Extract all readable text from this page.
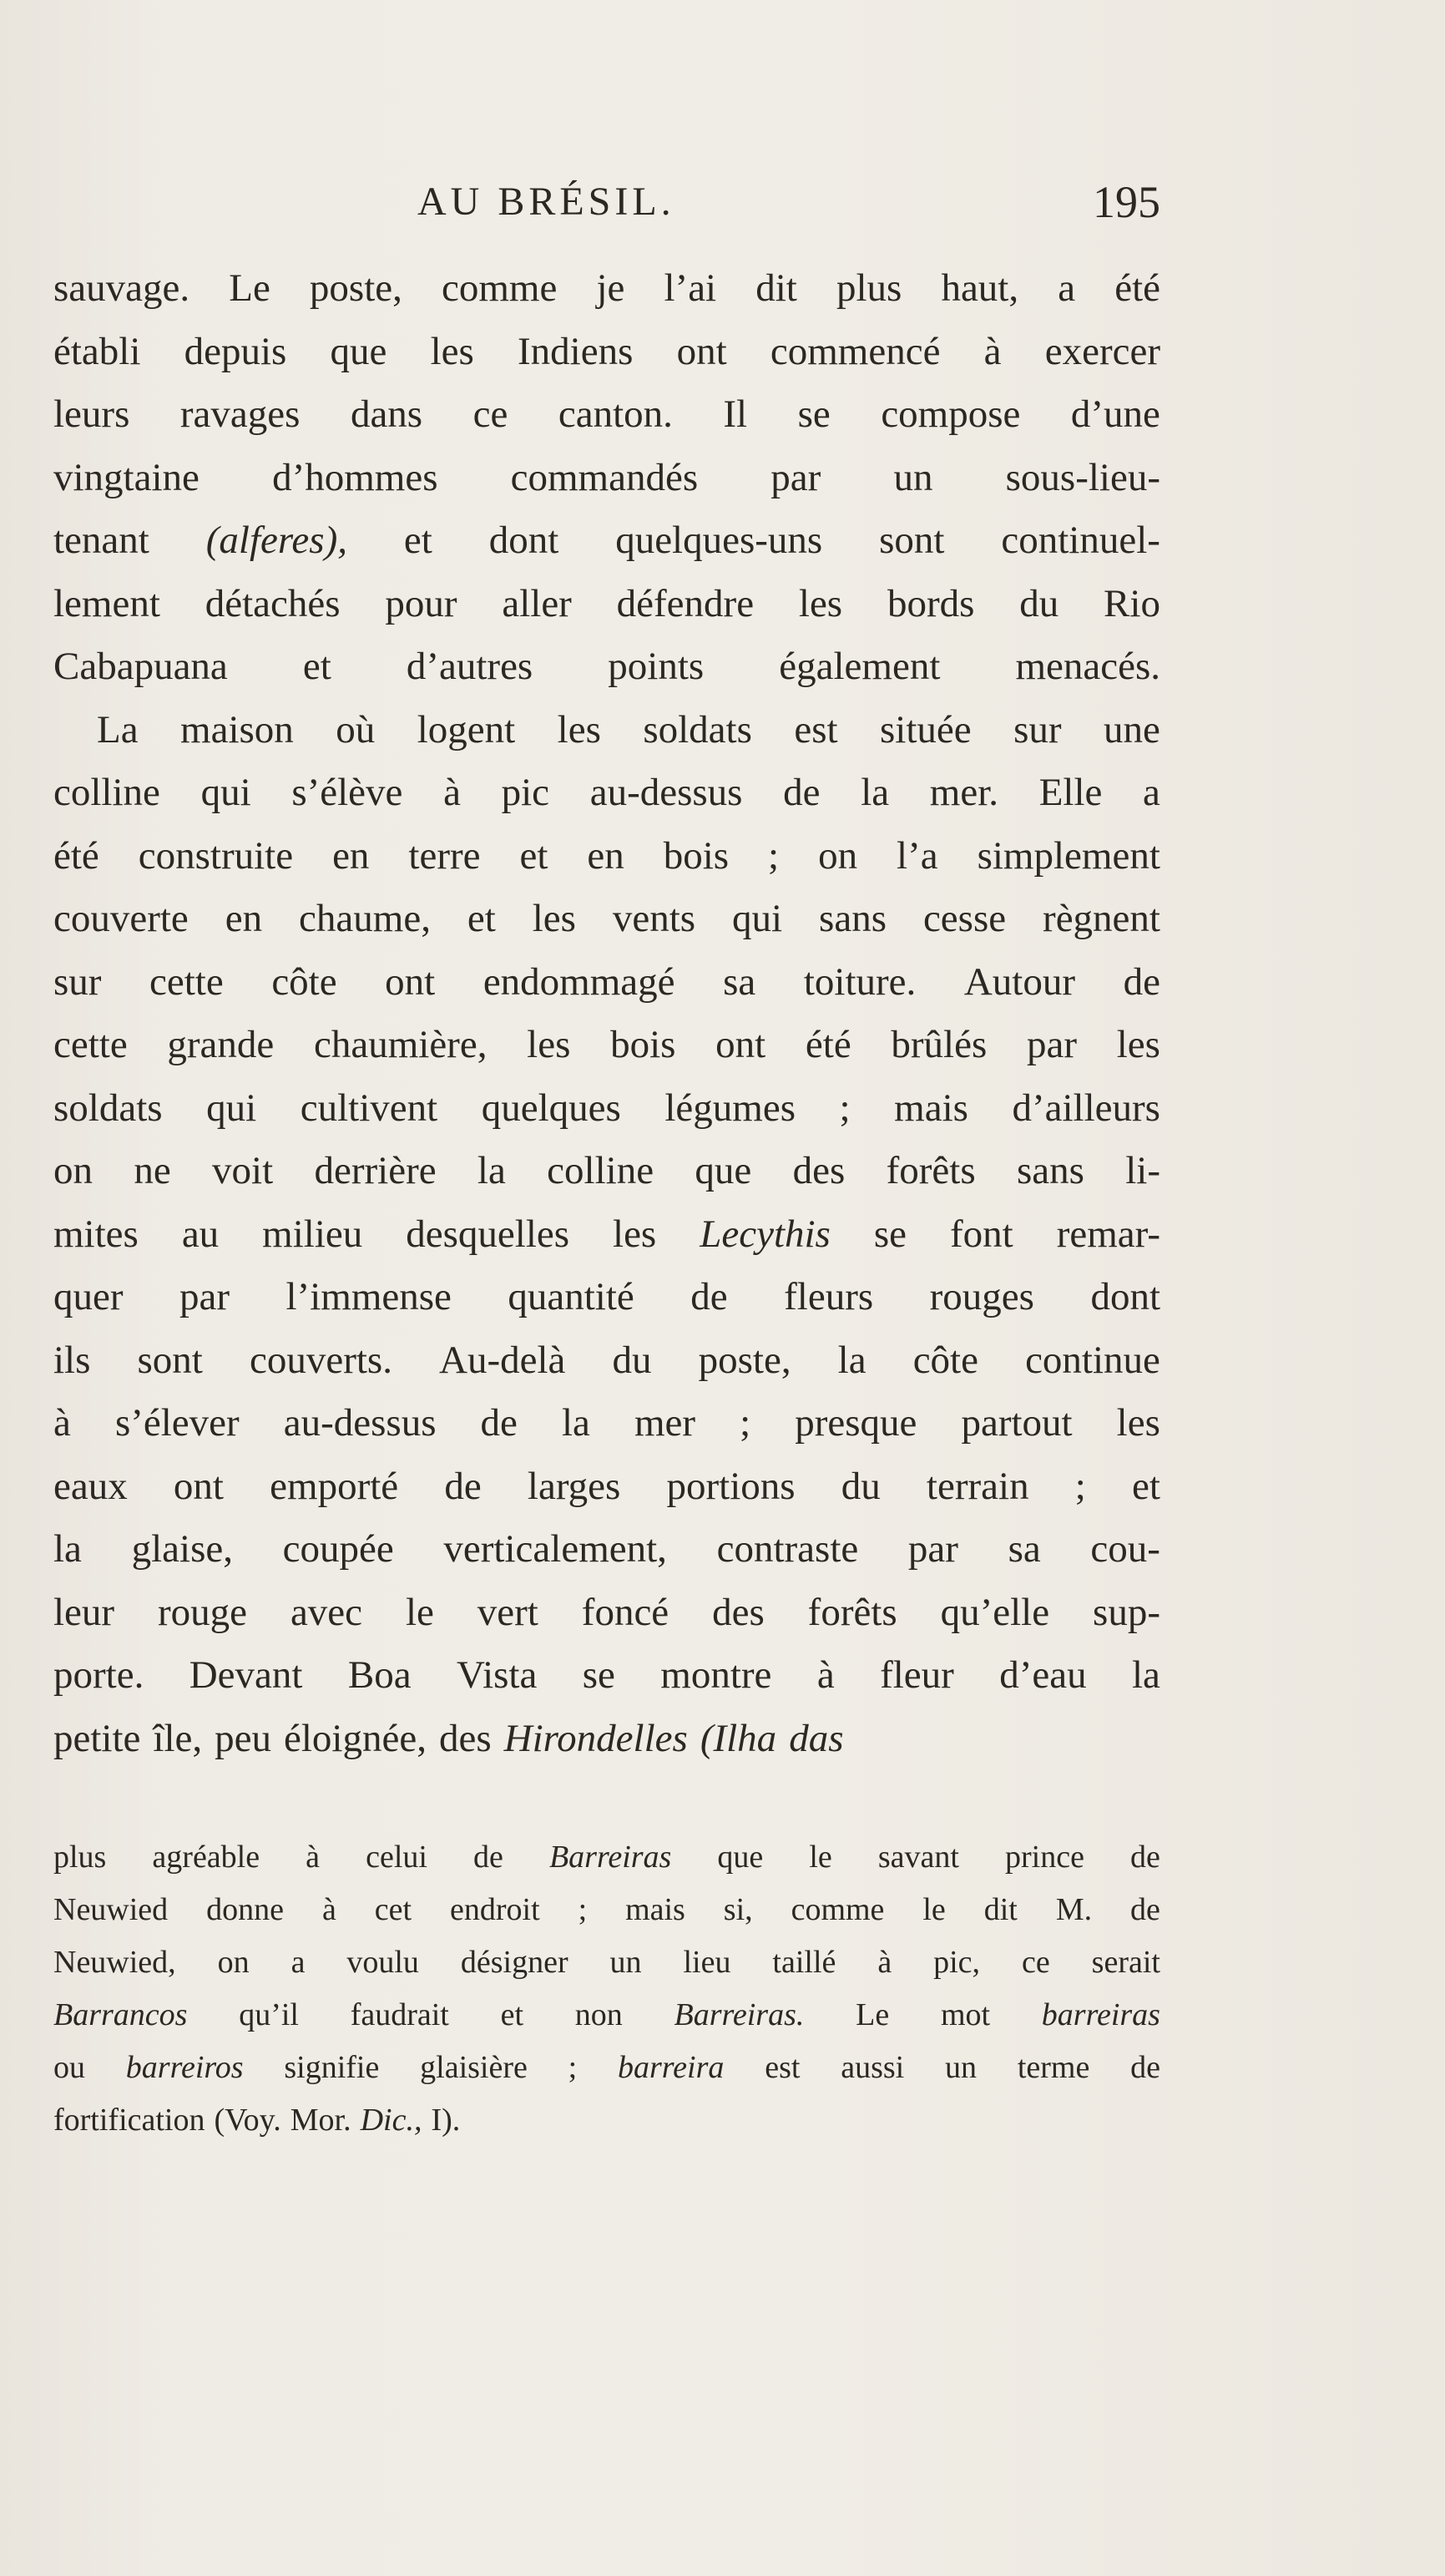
AU BRÉSIL.	195
sauvage. Le poste, comme je l’ai dit plus haut, a été
établi depuis que les Indiens ont commencé à exercer
leurs ravages dans ce canton. Il se compose d’une
vingtaine d’hommes commandés par un sous-lieu-
tenant (alferes), et dont quelques-uns sont continuel-
lement détachés pour aller défendre les bords du Rio
Cabapuana et d’autres points également menacés.
La maison où logent les soldats est située sur une
colline qui s’élève à pic au-dessus de la mer. Elle a
été construite en terre et en bois ; on l’a simplement
couverte en chaume, et les vents qui sans cesse règnent
sur cette côte ont endommagé sa toiture. Autour de
cette grande chaumière, les bois ont été brûlés par les
soldats qui cultivent quelques légumes ; mais d’ailleurs
on ne voit derrière la colline que des forêts sans li-
mites au milieu desquelles les Lecythis se font remar-
quer par l’immense quantité de fleurs rouges dont
ils sont couverts. Au-delà du poste, la côte continue
à s’élever au-dessus de la mer ; presque partout les
eaux ont emporté de larges portions du terrain ; et
la glaise, coupée verticalement, contraste par sa cou-
leur rouge avec le vert foncé des forêts qu’elle sup-
porte. Devant Boa Vista se montre à fleur d’eau la
petite île, peu éloignée, des Hirondelles (Ilha das
plus agréable à celui de Barreiras que le savant prince de
Neuwied donne à cet endroit ; mais si, comme le dit M. de
Neuwied, on a voulu désigner un lieu taillé à pic, ce serait
Barrancos qu’il faudrait et non Barreiras. Le mot barreiras
ou barreiros signifie glaisière ; barreira est aussi un terme de
fortification (Voy. Mor. Dic., I).
